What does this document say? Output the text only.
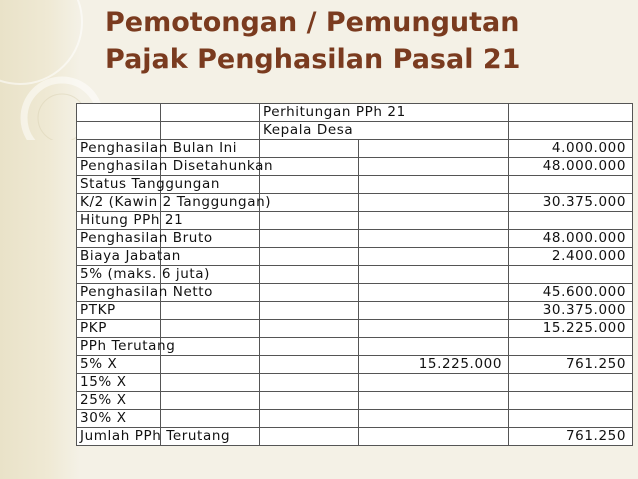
Pemotongan / Pemungutan
Pajak Penghasilan Pasal 21
		Perhitungan PPh 21		
		Kepala Desa		
Penghasilan Bulan Ini				4.000.000
Penghasilan Disetahunkan				48.000.000
Status Tanggungan				
K/2 (Kawin 2 Tanggungan)				30.375.000
Hitung PPh 21				
Penghasilan Bruto				48.000.000
Biaya Jabatan				2.400.000
5% (maks. 6 juta)				
Penghasilan Netto				45.600.000
PTKP				30.375.000
PKP				15.225.000
PPh Terutang				
5% X			15.225.000	761.250
15% X				
25% X				
30% X				
Jumlah PPh Terutang				761.250
